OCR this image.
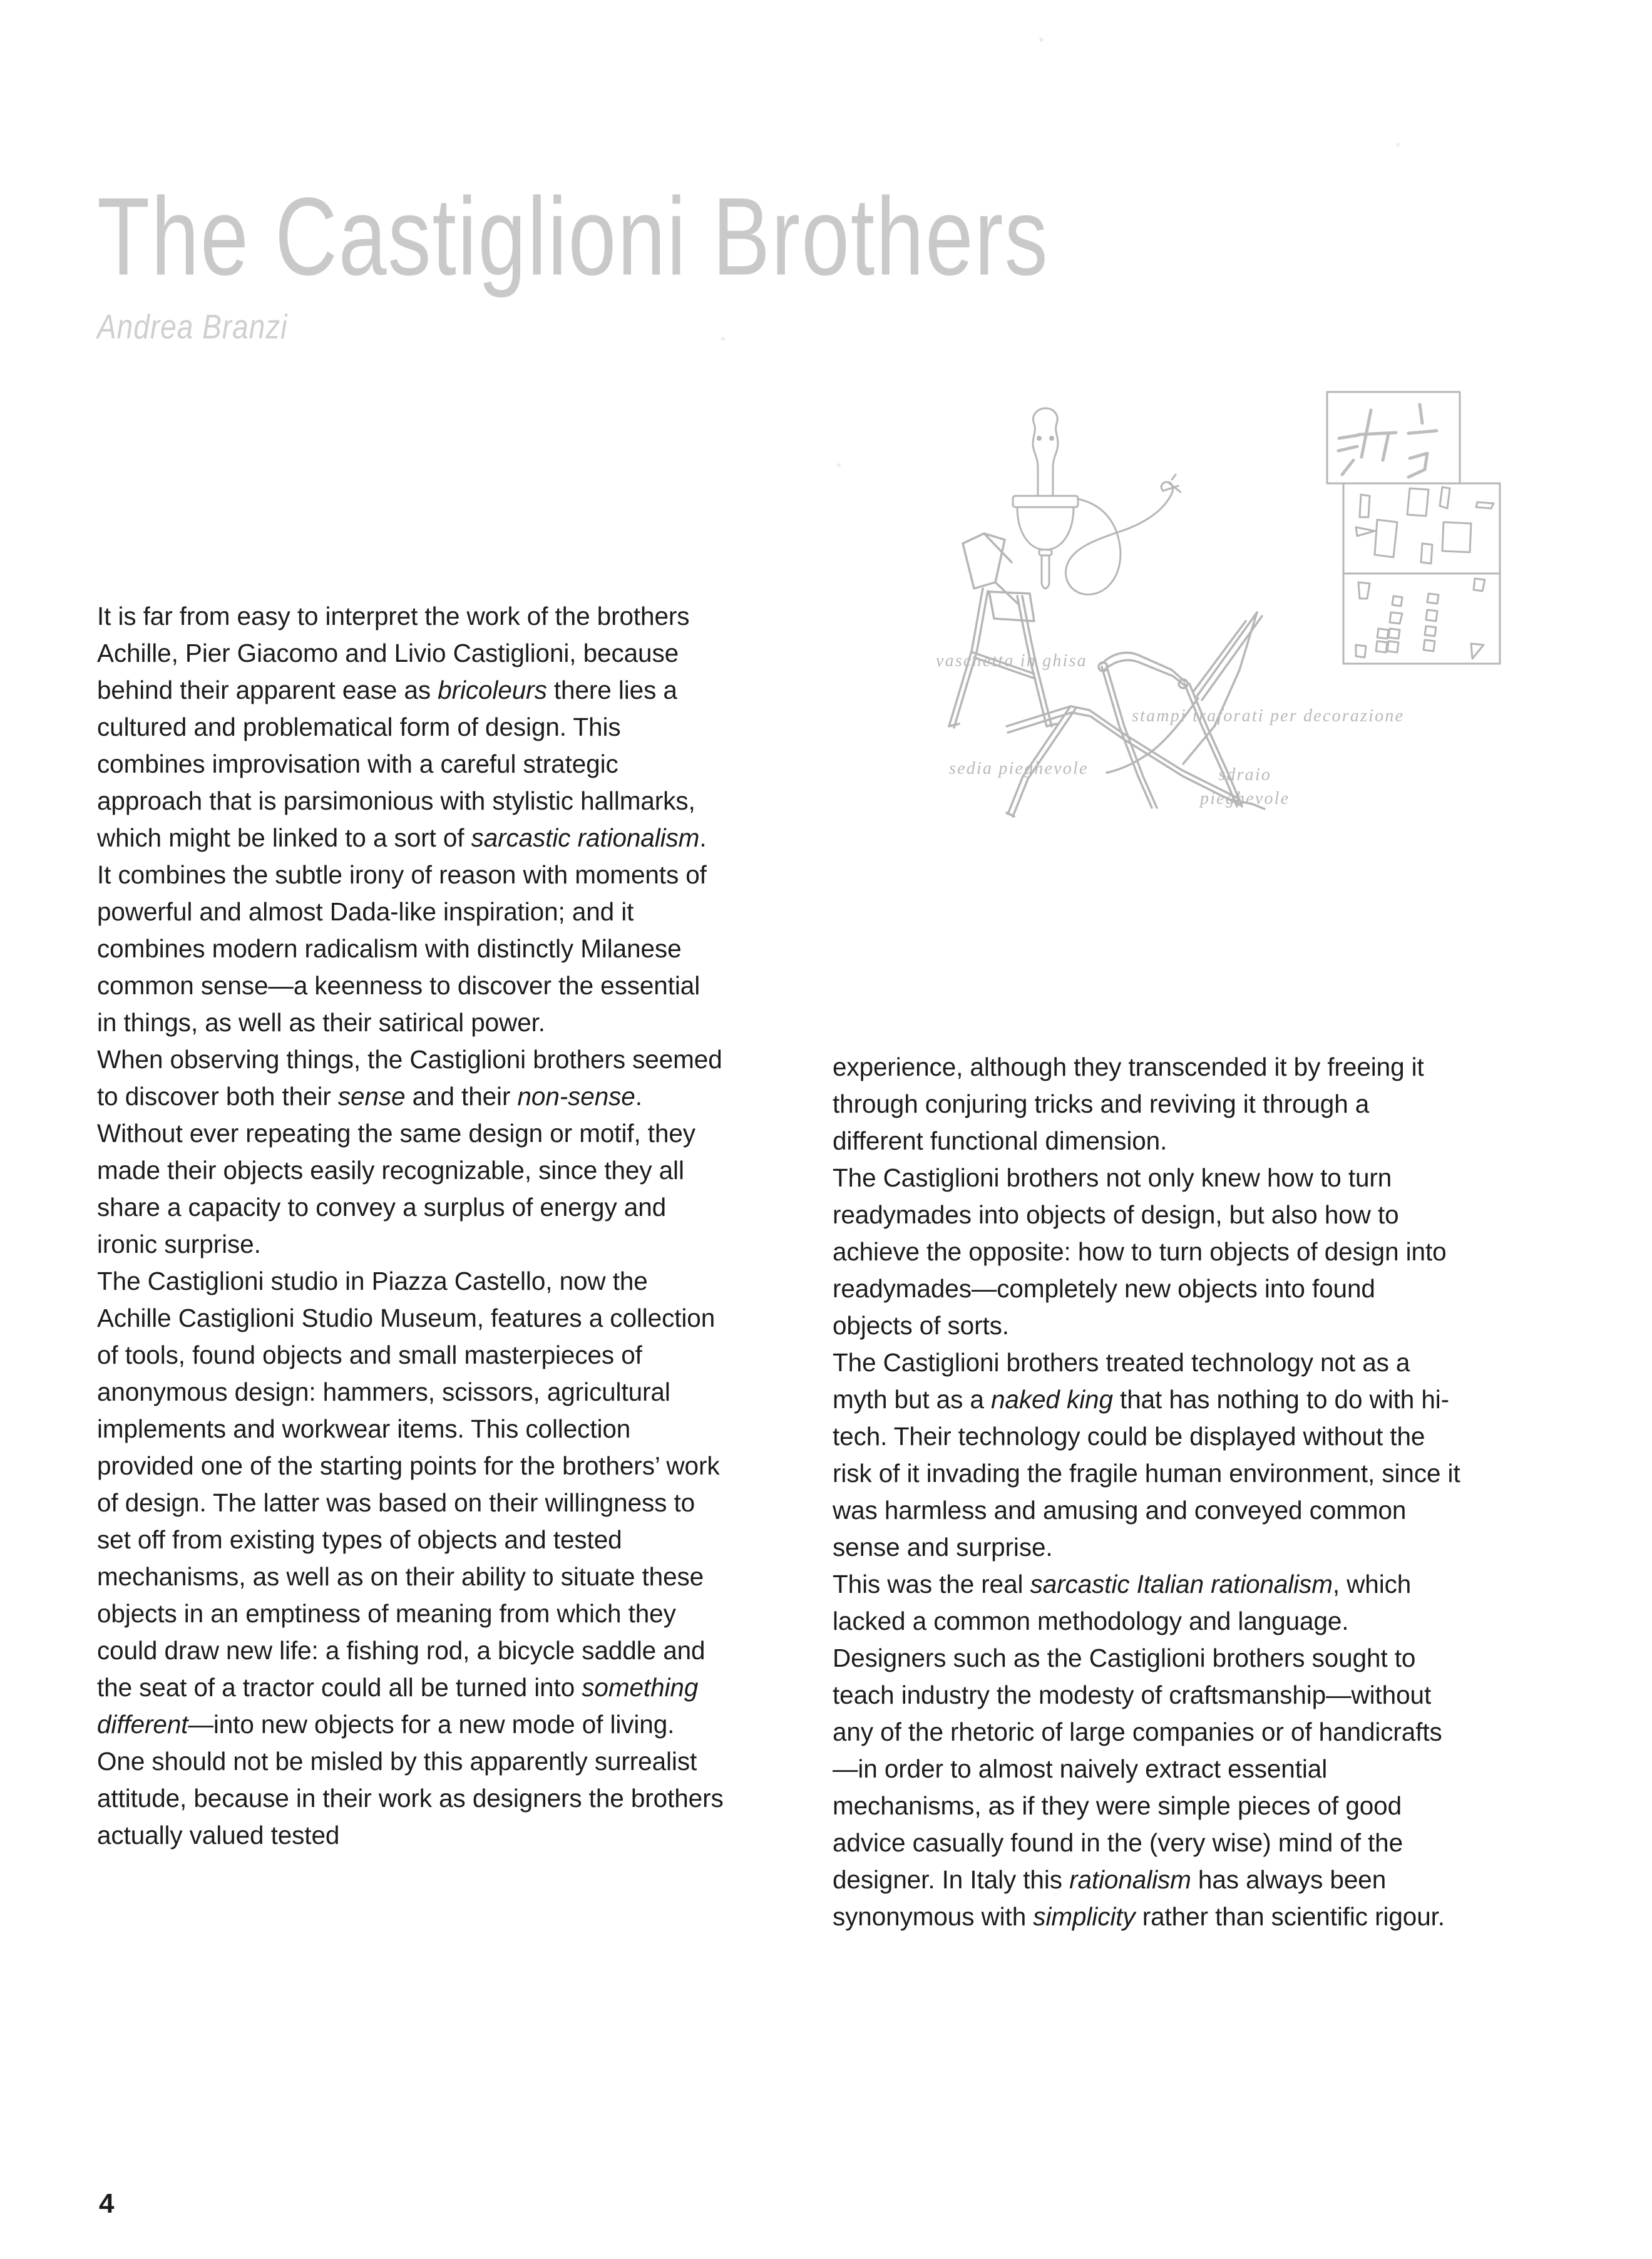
The Castiglioni Brothers
Andrea Branzi
vaschetta in ghisa
stampi traforati per decorazione
sedia pieghevole	sdraio
pieghevole

It is far from easy to interpret the work of the brothers Achille, Pier Giacomo and Livio Castiglioni, because behind their apparent ease as bricoleurs there lies a cultured and problematical form of design. This combines improvisation with a careful strategic approach that is parsimonious with stylistic hallmarks, which might be linked to a sort of sarcastic rationalism. It combines the subtle irony of reason with moments of powerful and almost Dada-like inspiration; and it combines modern radicalism with distinctly Milanese common sense—a keenness to discover the essential in things, as well as their satirical power.

When observing things, the Castiglioni brothers seemed to discover both their sense and their non-sense. Without ever repeating the same design or motif, they made their objects easily recognizable, since they all share a capacity to convey a surplus of energy and ironic surprise.

The Castiglioni studio in Piazza Castello, now the Achille Castiglioni Studio Museum, features a collection of tools, found objects and small masterpieces of anonymous design: hammers, scissors, agricultural implements and workwear items. This collection provided one of the starting points for the brothers’ work of design. The latter was based on their willingness to set off from existing types of objects and tested mechanisms, as well as on their ability to situate these objects in an emptiness of meaning from which they could draw new life: a fishing rod, a bicycle saddle and the seat of a tractor could all be turned into something different—into new objects for a new mode of living.

One should not be misled by this apparently surrealist attitude, because in their work as designers the brothers actually valued tested

experience, although they transcended it by freeing it through conjuring tricks and reviving it through a different functional dimension.

The Castiglioni brothers not only knew how to turn readymades into objects of design, but also how to achieve the opposite: how to turn objects of design into readymades—completely new objects into found objects of sorts.

The Castiglioni brothers treated technology not as a myth but as a naked king that has nothing to do with hi-tech. Their technology could be displayed without the risk of it invading the fragile human environment, since it was harmless and amusing and conveyed common sense and surprise.

This was the real sarcastic Italian rationalism, which lacked a common methodology and language. Designers such as the Castiglioni brothers sought to teach industry the modesty of craftsmanship—without any of the rhetoric of large companies or of handicrafts—in order to almost naively extract essential mechanisms, as if they were simple pieces of good advice casually found in the (very wise) mind of the designer. In Italy this rationalism has always been synonymous with simplicity rather than scientific rigour.

4
